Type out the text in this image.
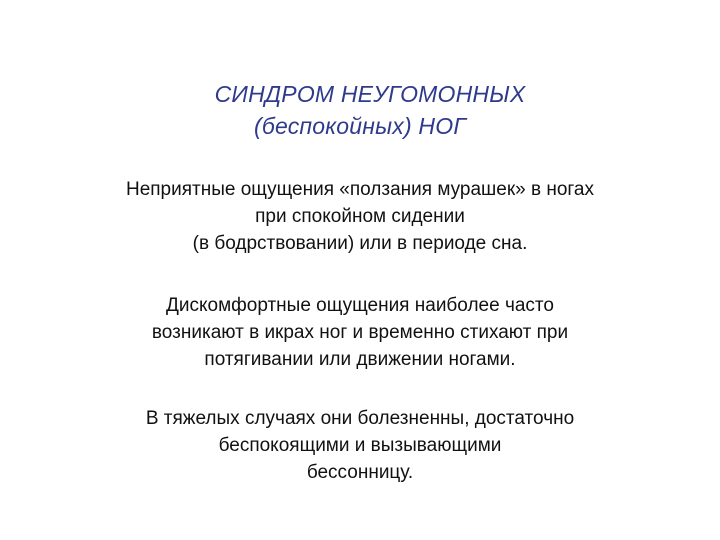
СИНДРОМ НЕУГОМОННЫХ
(беспокойных) НОГ
Неприятные ощущения «ползания мурашек» в ногах
при спокойном сидении
(в бодрствовании) или в периоде сна.
Дискомфортные ощущения наиболее часто
возникают в икрах ног и временно стихают при
потягивании или движении ногами.
В тяжелых случаях они болезненны, достаточно
беспокоящими и вызывающими
бессонницу.
